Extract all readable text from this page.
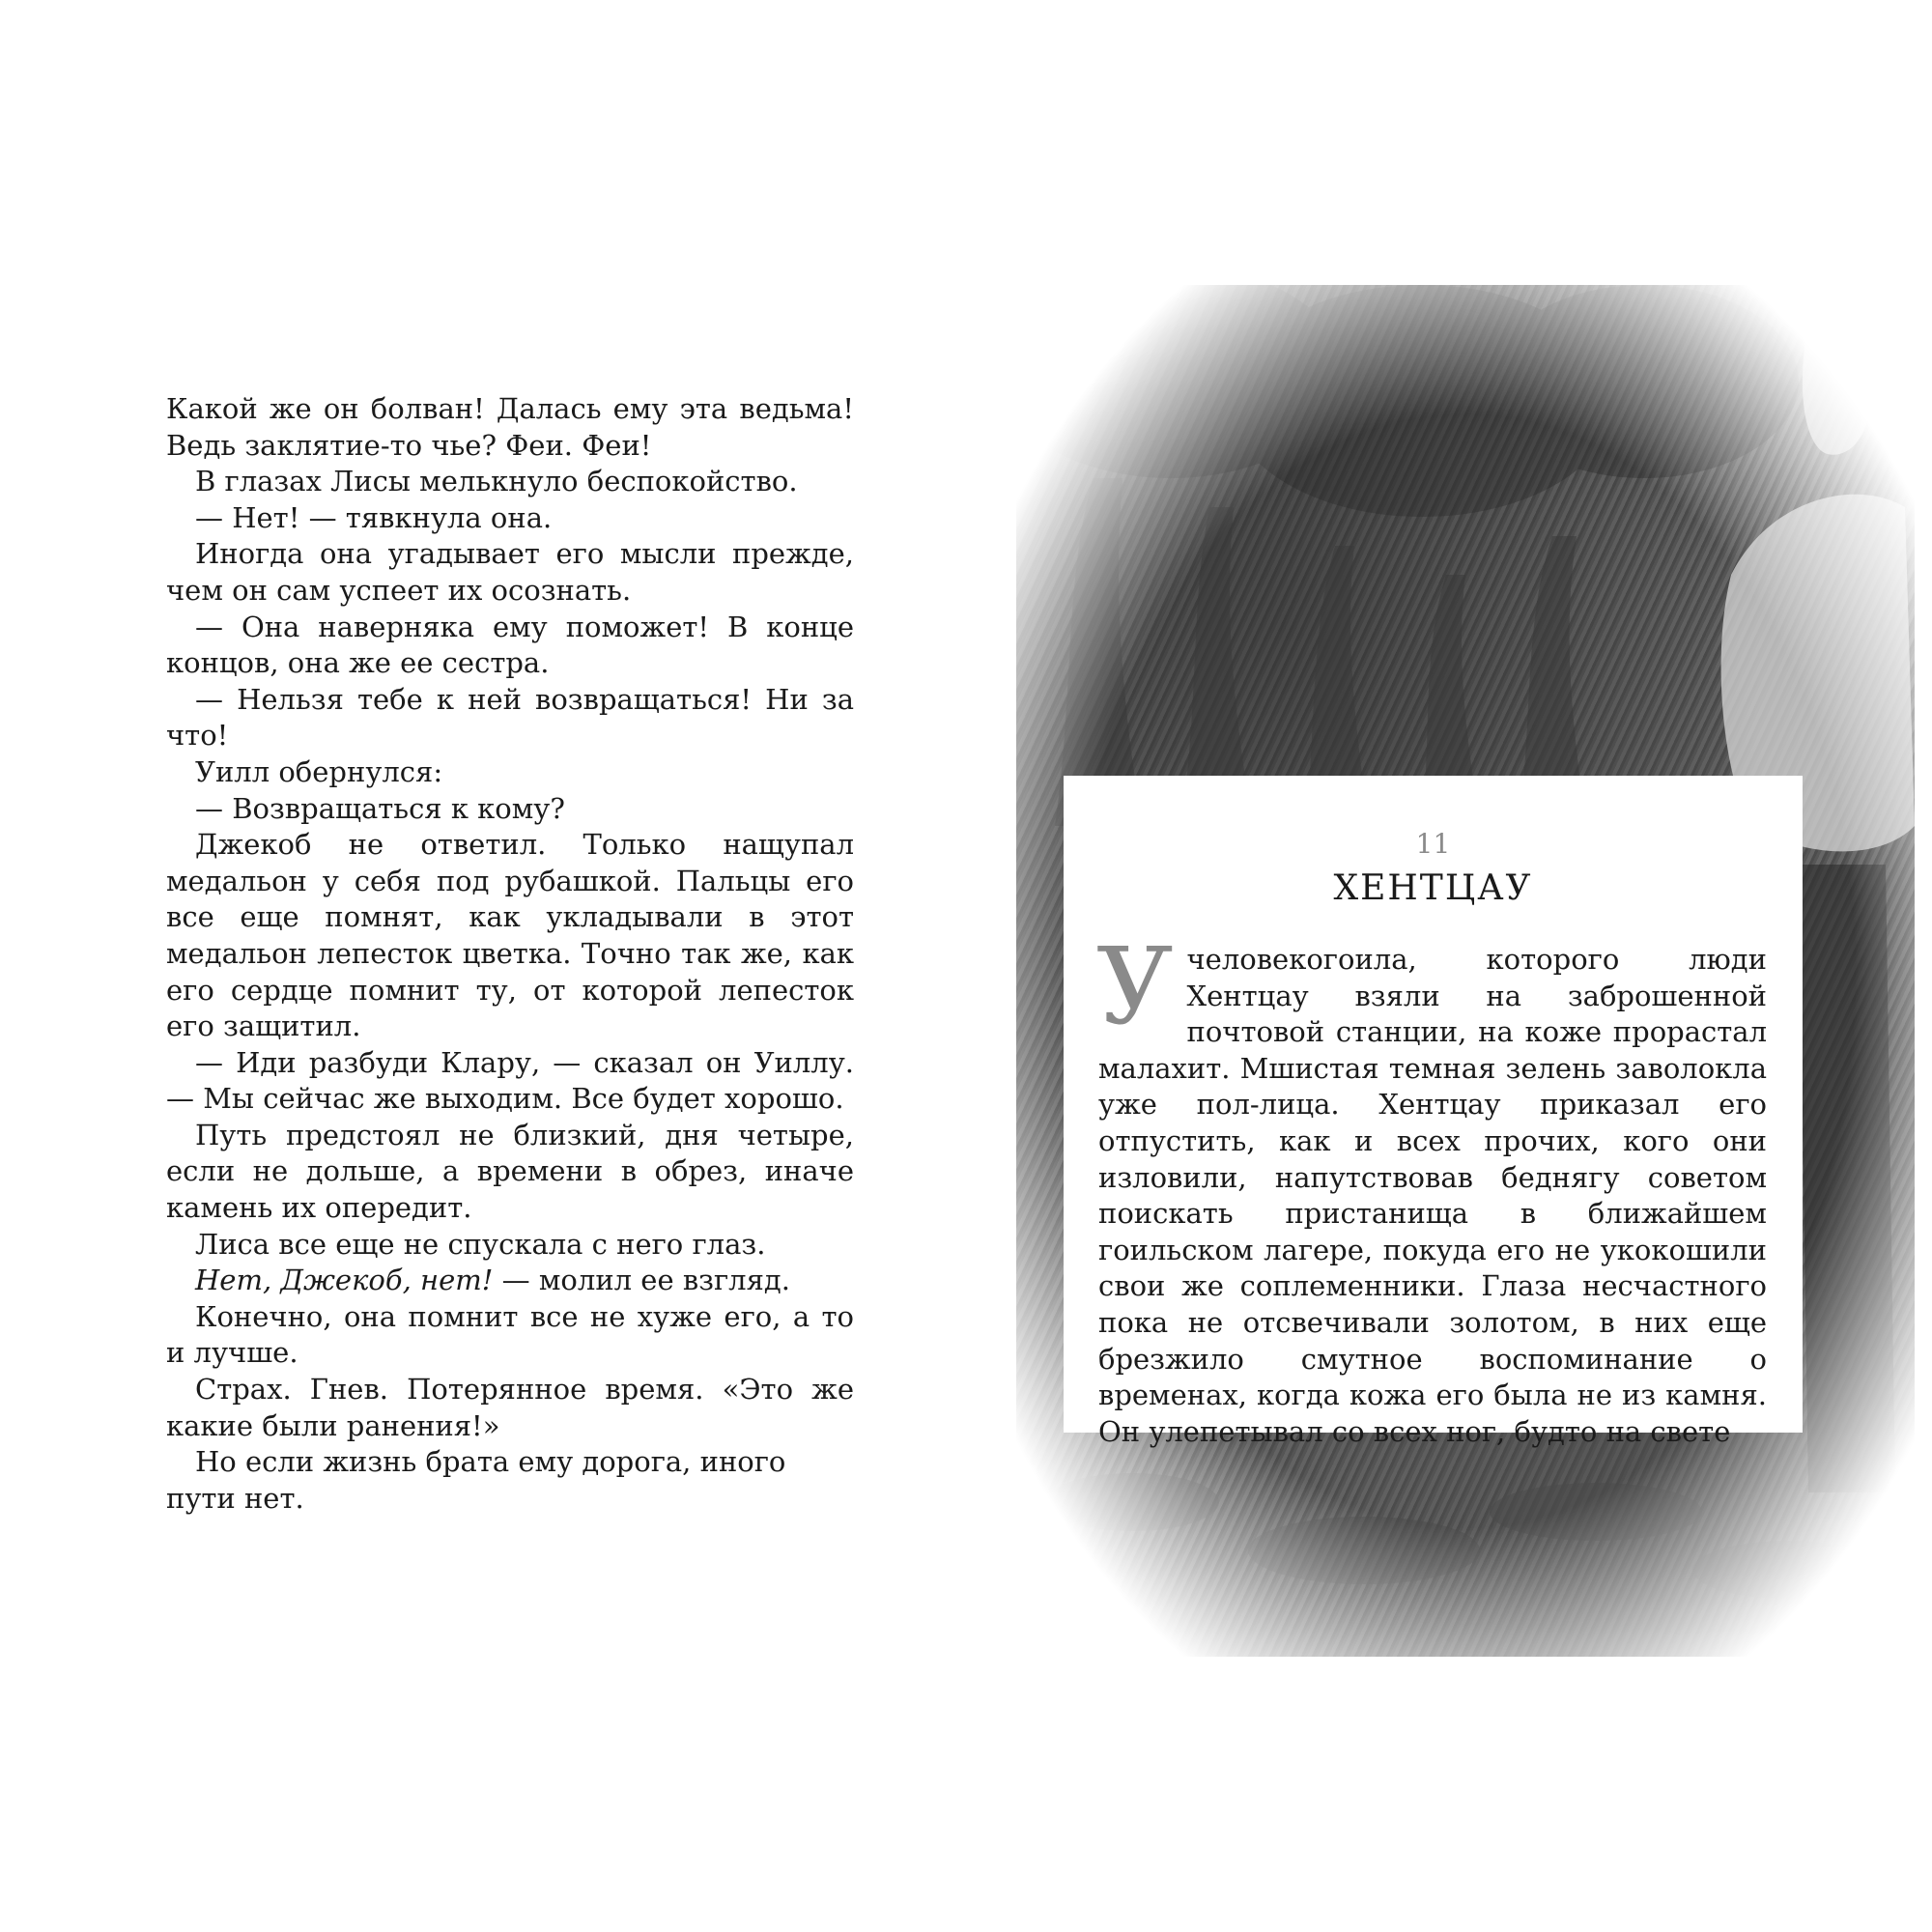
Какой же он болван! Далась ему эта ведьма! Ведь заклятие-то чье? Феи. Феи!

В глазах Лисы мелькнуло беспокойство.

— Нет! — тявкнула она.

Иногда она угадывает его мысли прежде, чем он сам успеет их осознать.

— Она наверняка ему поможет! В конце концов, она же ее сестра.

— Нельзя тебе к ней возвращаться! Ни за что!

Уилл обернулся:

— Возвращаться к кому?

Джекоб не ответил. Только нащупал медальон у себя под рубашкой. Пальцы его все еще помнят, как укладывали в этот медальон лепесток цветка. Точно так же, как его сердце помнит ту, от которой лепесток его защитил.

— Иди разбуди Клару, — сказал он Уиллу. — Мы сейчас же выходим. Все будет хорошо.

Путь предстоял не близкий, дня четыре, если не дольше, а времени в обрез, иначе камень их опередит.

Лиса все еще не спускала с него глаз.

Нет, Джекоб, нет! — молил ее взгляд.

Конечно, она помнит все не хуже его, а то и лучше.

Страх. Гнев. Потерянное время. «Это же какие были ранения!»

Но если жизнь брата ему дорога, иного пути нет.

11
ХЕНТЦАУ
У человекогоила, которого люди Хентцау взяли на заброшенной почтовой станции, на коже прорастал малахит. Мшистая темная зелень заволокла уже пол-лица. Хентцау приказал его отпустить, как и всех прочих, кого они изловили, напутствовав беднягу советом поискать пристанища в ближайшем гоильском лагере, покуда его не укокошили свои же соплеменники. Глаза несчастного пока не отсвечивали золотом, в них еще брезжило смутное воспоминание о временах, когда кожа его была не из камня. Он улепетывал со всех ног, будто на свете
